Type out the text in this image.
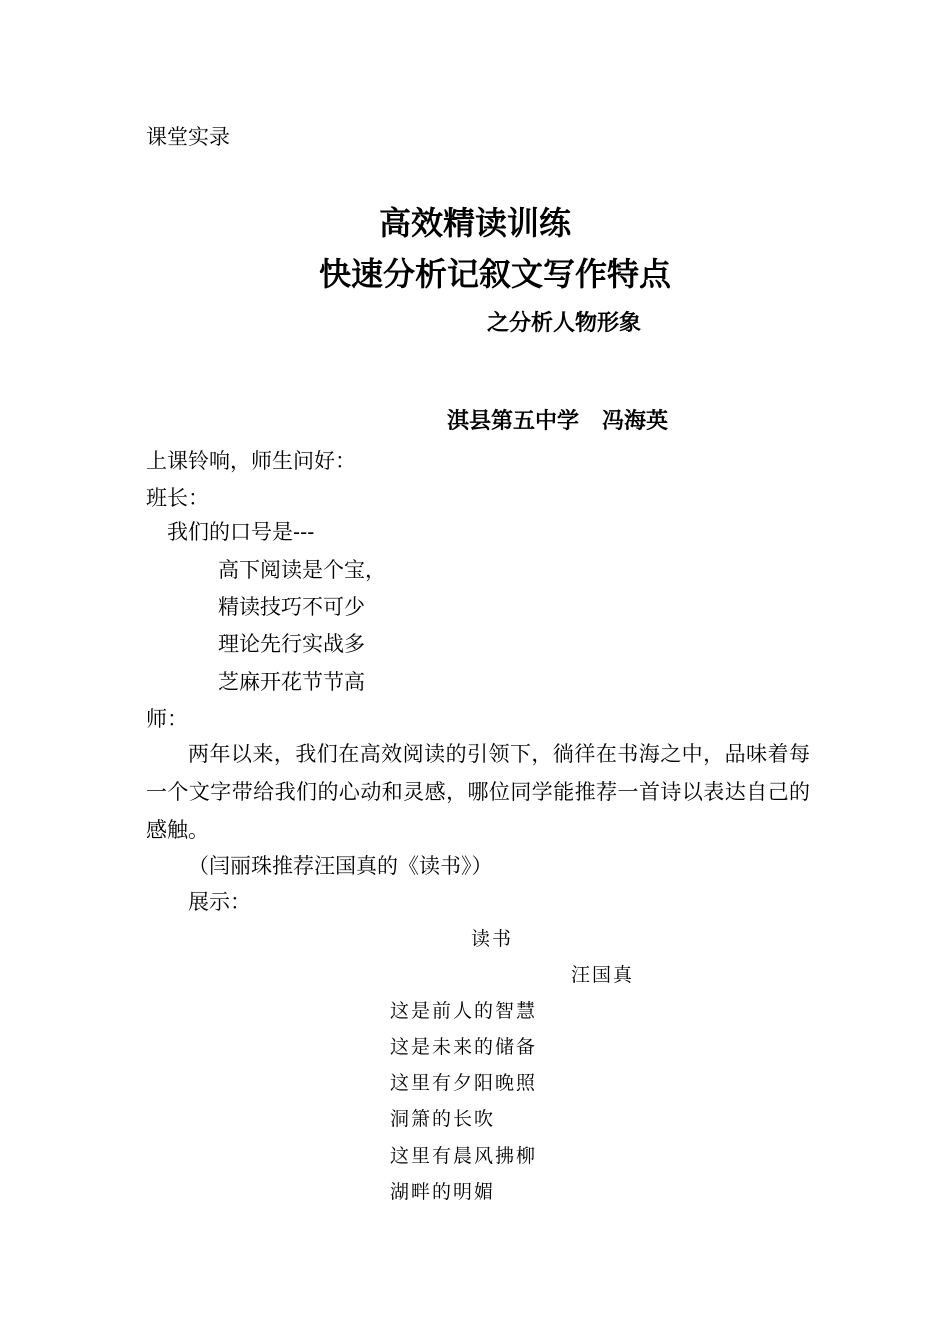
课堂实录
高效精读训练
快速分析记叙文写作特点
之分析人物形象
淇县第五中学   冯海英
上课铃响，师生问好：
班长：
我们的口号是---
高下阅读是个宝，
精读技巧不可少
理论先行实战多
芝麻开花节节高
师：

两年以来，我们在高效阅读的引领下，徜徉在书海之中，品味着每一个文字带给我们的心动和灵感，哪位同学能推荐一首诗以表达自己的感触。

（闫丽珠推荐汪国真的《读书》）
展示：
读书
汪国真
这是前人的智慧
这是未来的储备
这里有夕阳晚照
洞箫的长吹
这里有晨风拂柳
湖畔的明媚
